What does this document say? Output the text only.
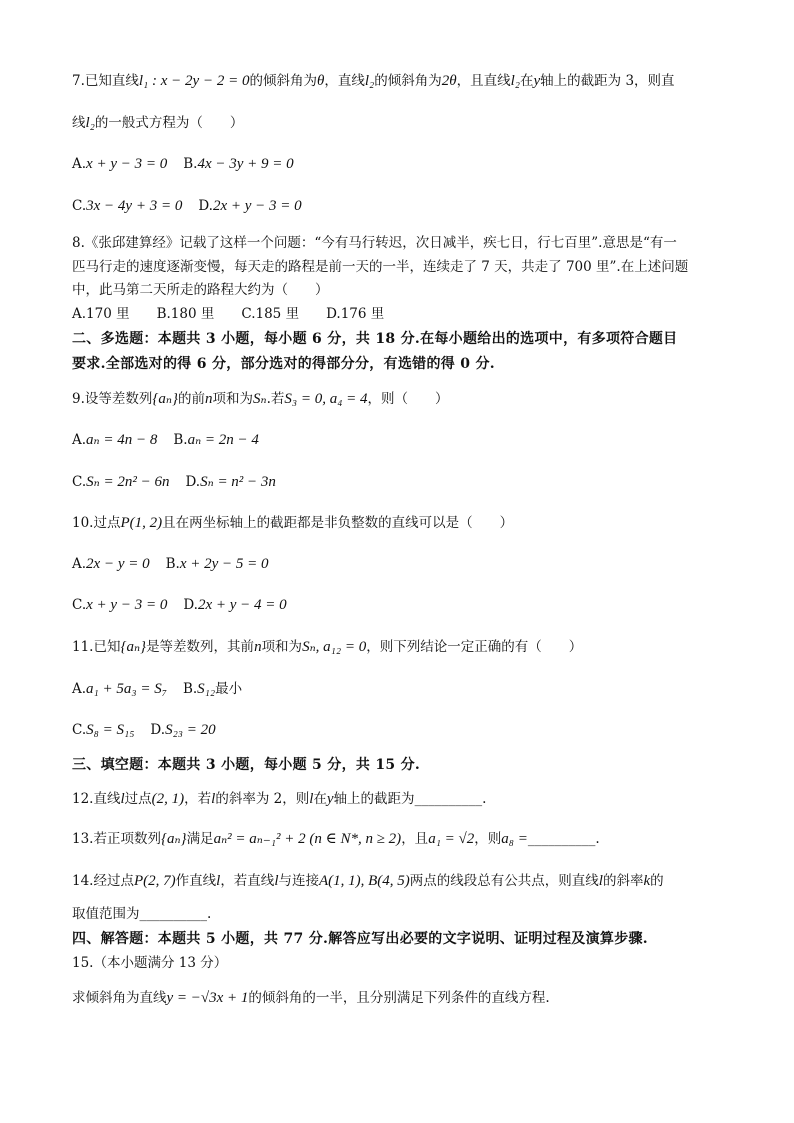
7.已知直线l₁ : x − 2y − 2 = 0的倾斜角为θ，直线l₂的倾斜角为2θ，且直线l₂在y轴上的截距为 3，则直
线l₂的一般式方程为（　　）
A.x + y − 3 = 0 B.4x − 3y + 9 = 0
C.3x − 4y + 3 = 0 D.2x + y − 3 = 0
8.《张邱建算经》记载了这样一个问题：“今有马行转迟，次日减半，疾七日，行七百里”.意思是“有一
匹马行走的速度逐渐变慢，每天走的路程是前一天的一半，连续走了 7 天，共走了 700 里”.在上述问题
中，此马第二天所走的路程大约为（　　）
A.170 里　　B.180 里　　C.185 里　　D.176 里
二、多选题：本题共 3 小题，每小题 6 分，共 18 分.在每小题给出的选项中，有多项符合题目
要求.全部选对的得 6 分，部分选对的得部分分，有选错的得 0 分.
9.设等差数列{aₙ}的前n项和为Sₙ.若S₃ = 0, a₄ = 4，则（　　）
A.aₙ = 4n − 8 B.aₙ = 2n − 4
C.Sₙ = 2n² − 6n D.Sₙ = n² − 3n
10.过点P(1, 2)且在两坐标轴上的截距都是非负整数的直线可以是（　　）
A.2x − y = 0 B.x + 2y − 5 = 0
C.x + y − 3 = 0 D.2x + y − 4 = 0
11.已知{aₙ}是等差数列，其前n项和为Sₙ, a₁₂ = 0，则下列结论一定正确的有（　　）
A.a₁ + 5a₃ = S₇ B.S₁₂最小
C.S₈ = S₁₅ D.S₂₃ = 20
三、填空题：本题共 3 小题，每小题 5 分，共 15 分.
12.直线l过点(2, 1)，若l的斜率为 2，则l在y轴上的截距为__________.
13.若正项数列{aₙ}满足aₙ² = aₙ₋₁² + 2 (n ∈ N*, n ≥ 2)，且a₁ = √2，则a₈ =__________.
14.经过点P(2, 7)作直线l，若直线l与连接A(1, 1), B(4, 5)两点的线段总有公共点，则直线l的斜率k的
取值范围为__________.
四、解答题：本题共 5 小题，共 77 分.解答应写出必要的文字说明、证明过程及演算步骤.
15.（本小题满分 13 分）
求倾斜角为直线y = −√3x + 1的倾斜角的一半，且分别满足下列条件的直线方程.
